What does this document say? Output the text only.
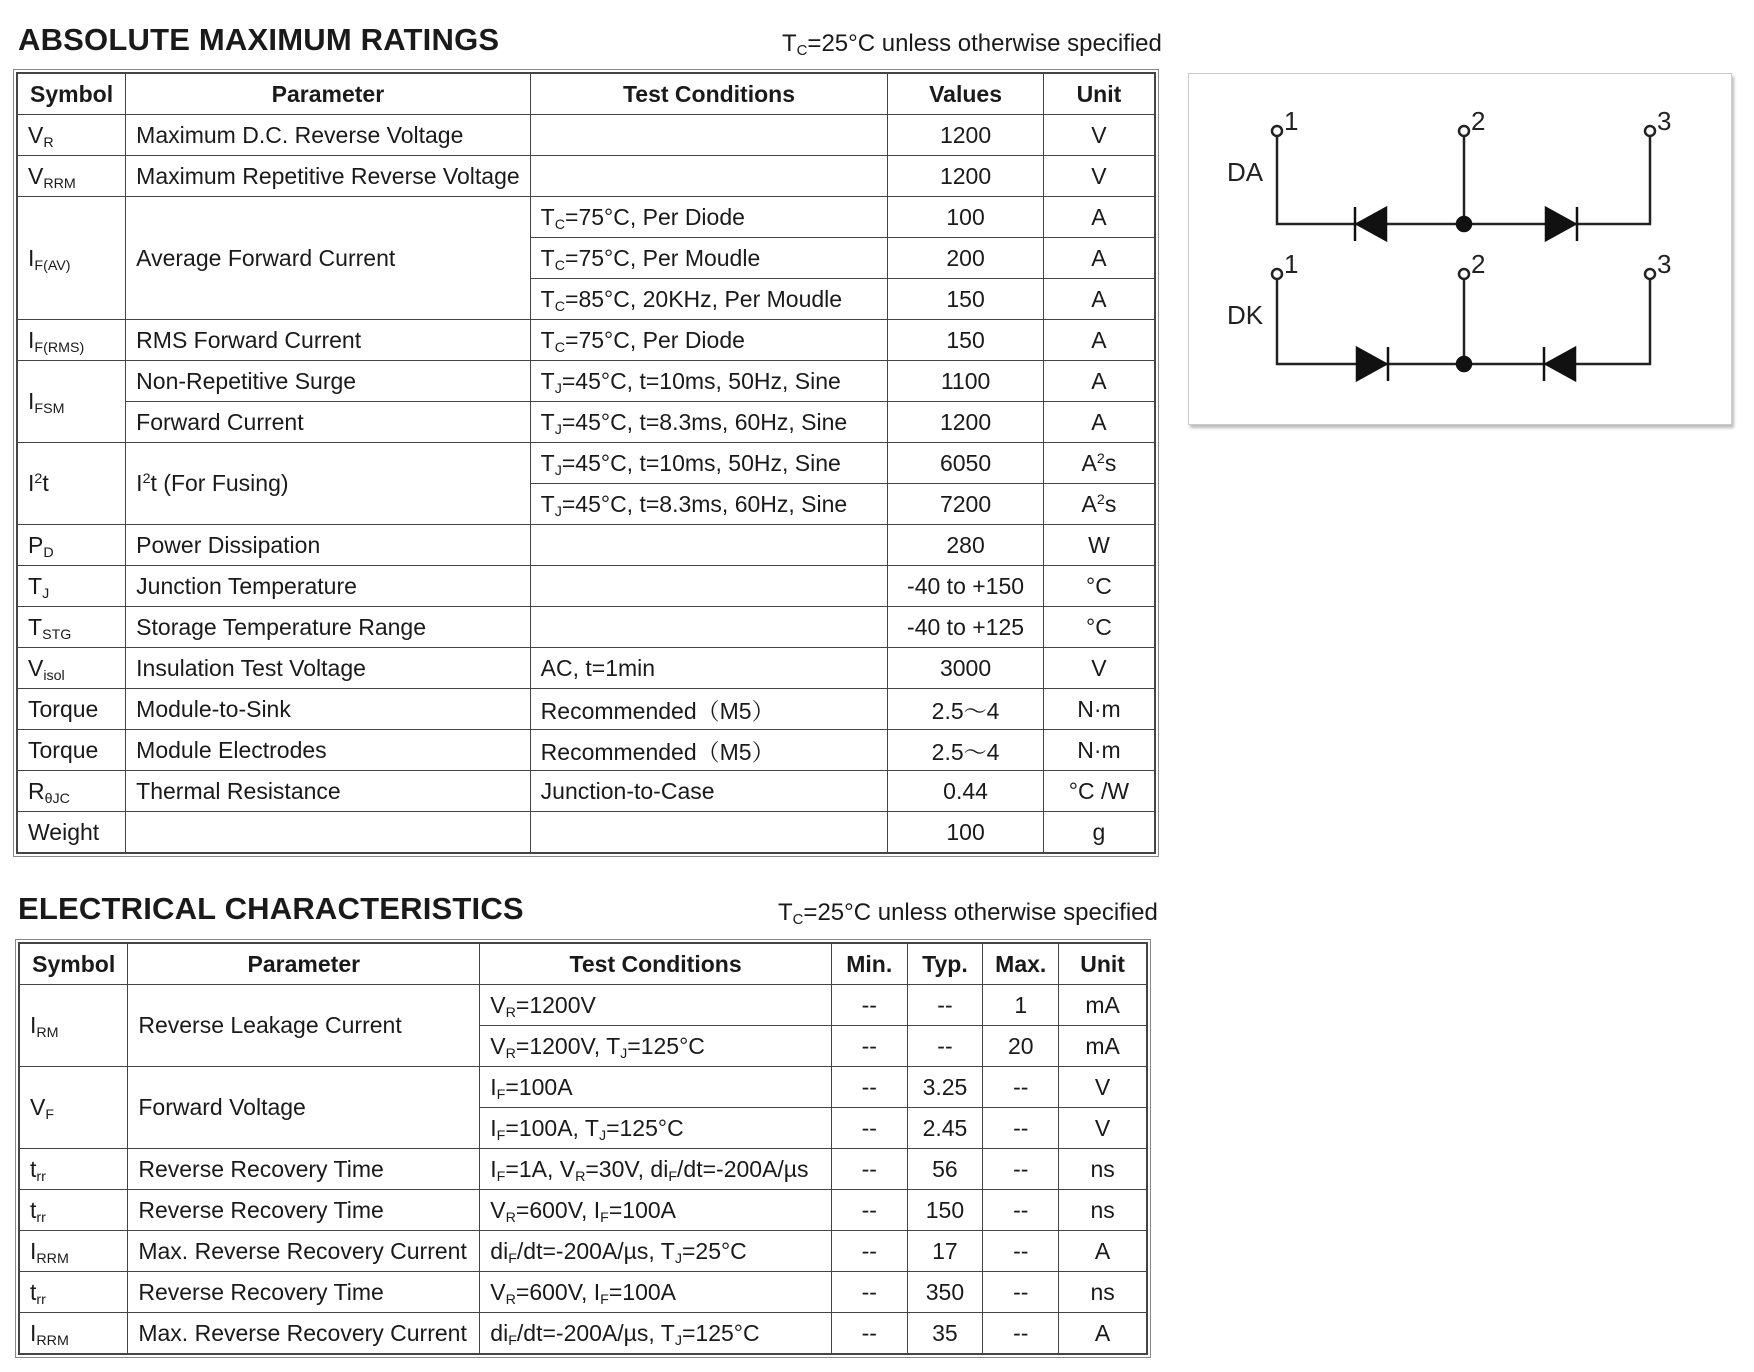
ABSOLUTE MAXIMUM RATINGS	$T_C=25^\circ C$ unless otherwise specified
Symbol	Parameter	Test Conditions	Values	Unit
$V_R$	Maximum D.C. Reverse Voltage		1200	V
$V_{RRM}$	Maximum Repetitive Reverse Voltage		1200	V
$I_{F(AV)}$	Average Forward Current	$T_C=75^\circ C$, Per Diode	100	A
		$T_C=75^\circ C$, Per Moudle	200	A
		$T_C=85^\circ C$, 20KHz, Per Moudle	150	A
$I_{F(RMS)}$	RMS Forward Current	$T_C=75^\circ C$, Per Diode	150	A
$I_{FSM}$	Non-Repetitive Surge	$T_J=45^\circ C$, t=10ms, 50Hz, Sine	1100	A
	Forward Current	$T_J=45^\circ C$, t=8.3ms, 60Hz, Sine	1200	A
$I^2t$	$I^2t$ (For Fusing)	$T_J=45^\circ C$, t=10ms, 50Hz, Sine	6050	$A^2s$
		$T_J=45^\circ C$, t=8.3ms, 60Hz, Sine	7200	$A^2s$
$P_D$	Power Dissipation		280	W
$T_J$	Junction Temperature		-40 to +150	°C
$T_{STG}$	Storage Temperature Range		-40 to +125	°C
$V_{isol}$	Insulation Test Voltage	AC, t=1min	3000	V
Torque	Module-to-Sink	Recommended（M5）	2.5～4	N·m
Torque	Module Electrodes	Recommended（M5）	2.5～4	N·m
$R_{\theta JC}$	Thermal Resistance	Junction-to-Case	0.44	°C /W
Weight			100	g
DA
DK
1	2	3
1	2	3
ELECTRICAL CHARACTERISTICS	$T_C=25^\circ C$ unless otherwise specified
Symbol	Parameter	Test Conditions	Min.	Typ.	Max.	Unit
$I_{RM}$	Reverse Leakage Current	$V_R=1200V$	--	--	1	mA
		$V_R=1200V$, $T_J=125^\circ C$	--	--	20	mA
$V_F$	Forward Voltage	$I_F=100A$	--	3.25	--	V
		$I_F=100A$, $T_J=125^\circ C$	--	2.45	--	V
$t_{rr}$	Reverse Recovery Time	$I_F=1A$, $V_R=30V$, $di_F/dt=-200A/\mu s$	--	56	--	ns
$t_{rr}$	Reverse Recovery Time	$V_R=600V$, $I_F=100A$	--	150	--	ns
$I_{RRM}$	Max. Reverse Recovery Current	$di_F/dt=-200A/\mu s$, $T_J=25^\circ C$	--	17	--	A
$t_{rr}$	Reverse Recovery Time	$V_R=600V$, $I_F=100A$	--	350	--	ns
$I_{RRM}$	Max. Reverse Recovery Current	$di_F/dt=-200A/\mu s$, $T_J=125^\circ C$	--	35	--	A
